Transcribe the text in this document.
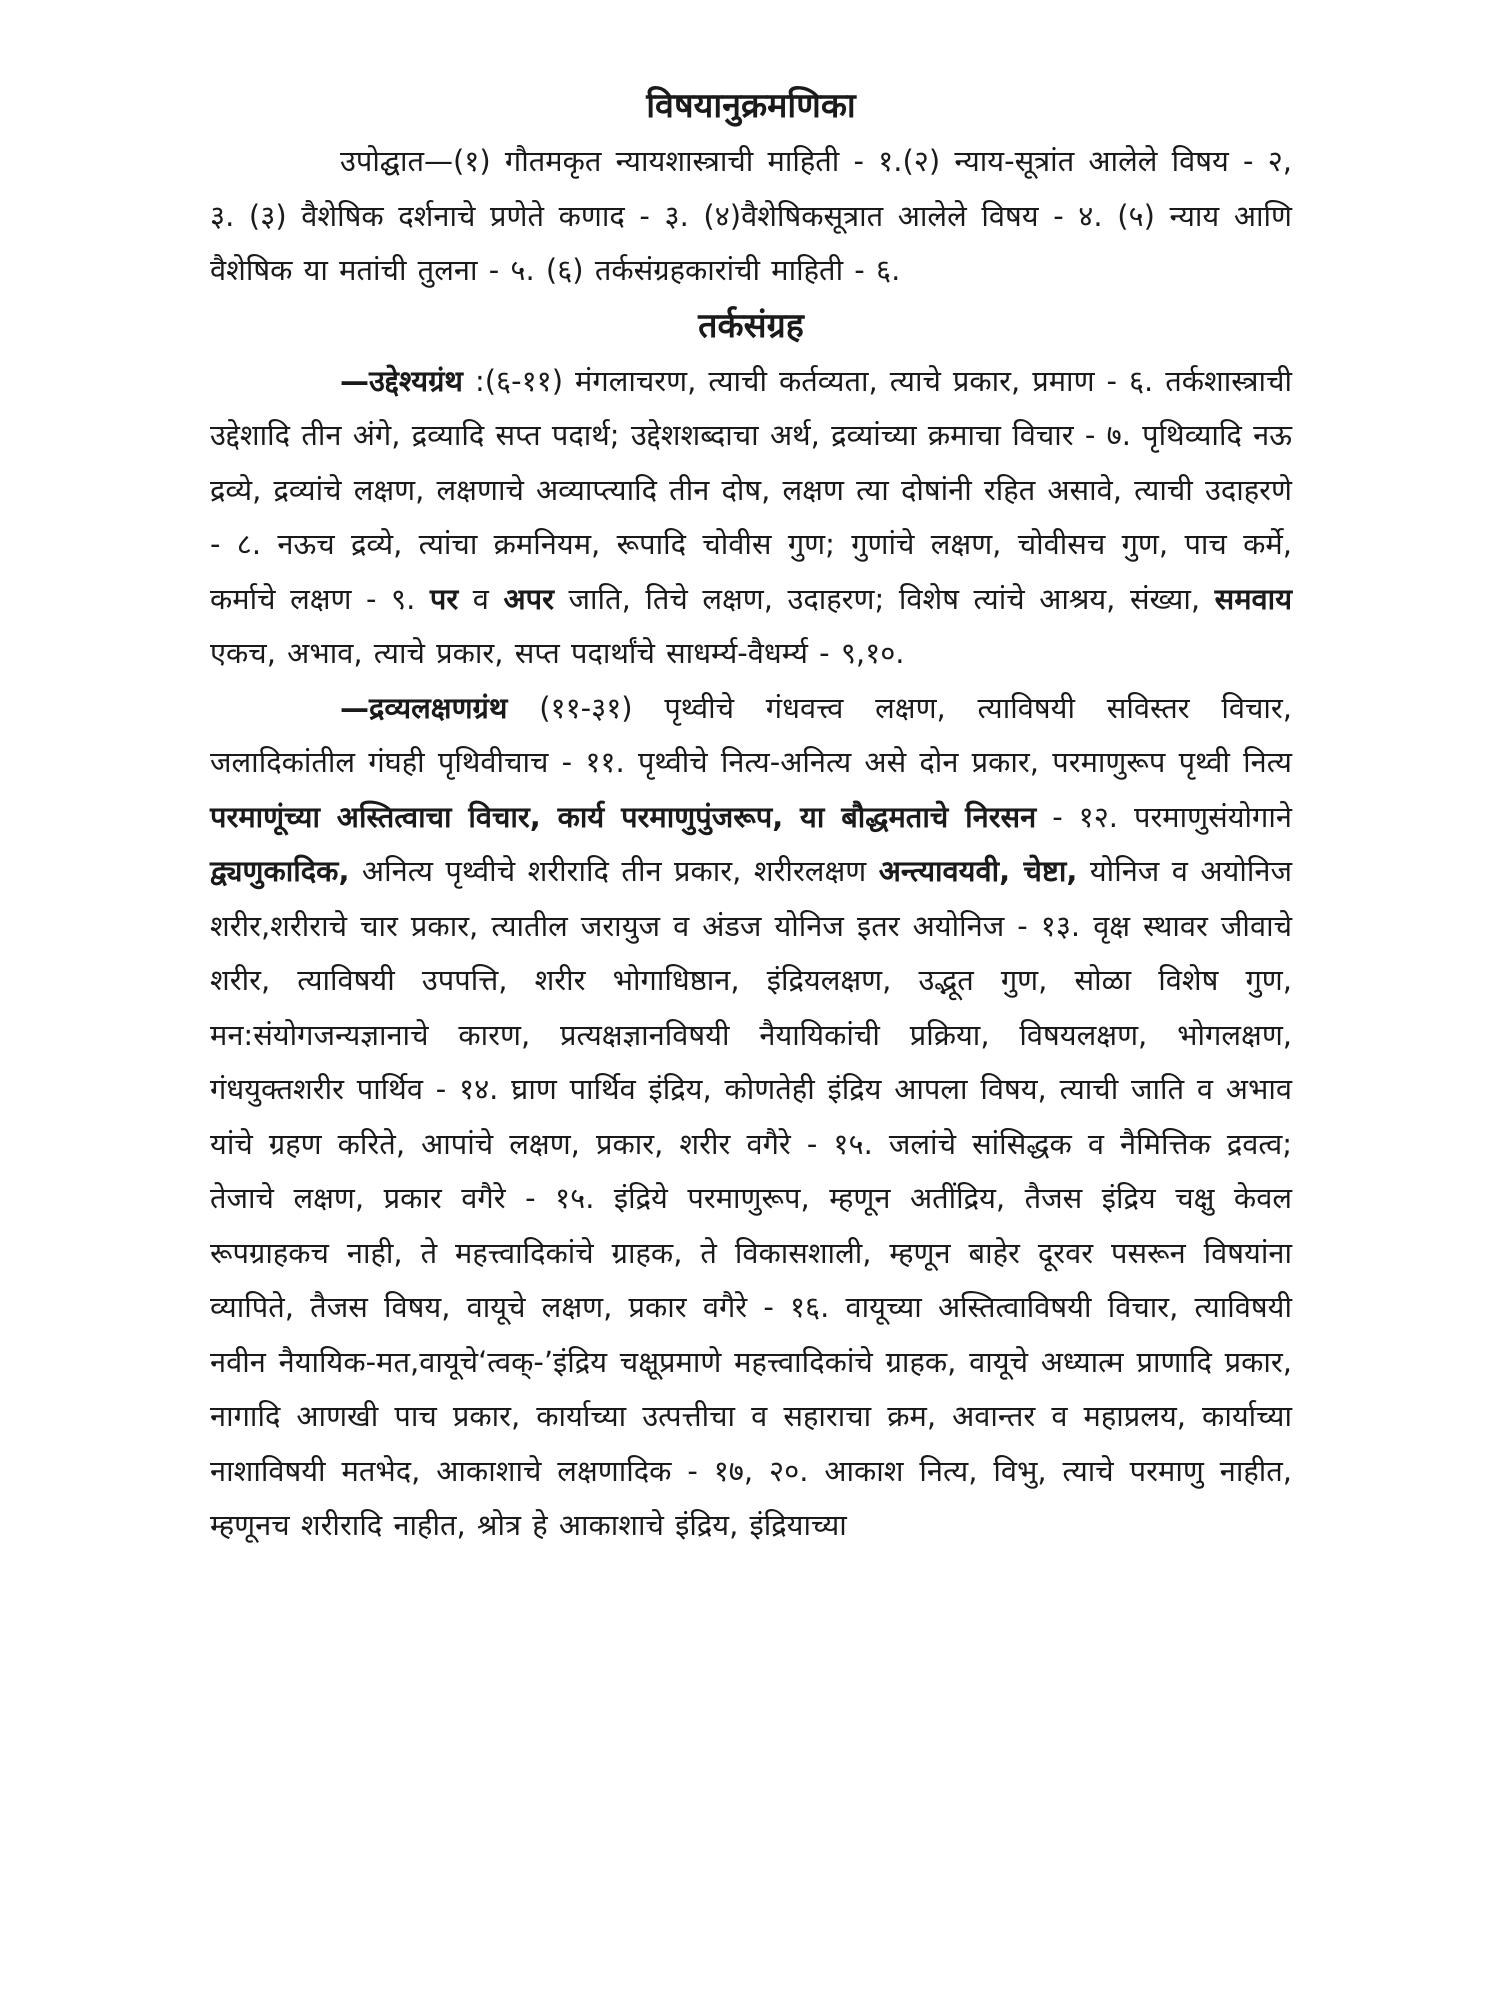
विषयानुक्रमणिका

उपोद्घात—(१) गौतमकृत न्यायशास्त्राची माहिती - १.(२) न्याय-सूत्रांत आलेले विषय - २, ३. (३) वैशेषिक दर्शनाचे प्रणेते कणाद - ३. (४)वैशेषिकसूत्रात आलेले विषय - ४. (५) न्याय आणि वैशेषिक या मतांची तुलना - ५. (६) तर्कसंग्रहकारांची माहिती - ६.

तर्कसंग्रह

—उद्देश्यग्रंथ :(६-११) मंगलाचरण, त्याची कर्तव्यता, त्याचे प्रकार, प्रमाण - ६. तर्कशास्त्राची उद्देशादि तीन अंगे, द्रव्यादि सप्त पदार्थ; उद्देशशब्दाचा अर्थ, द्रव्यांच्या क्रमाचा विचार - ७. पृथिव्यादि नऊ द्रव्ये, द्रव्यांचे लक्षण, लक्षणाचे अव्याप्त्यादि तीन दोष, लक्षण त्या दोषांनी रहित असावे, त्याची उदाहरणे - ८. नऊच द्रव्ये, त्यांचा क्रमनियम, रूपादि चोवीस गुण; गुणांचे लक्षण, चोवीसच गुण, पाच कर्मे, कर्माचे लक्षण - ९. पर व अपर जाति, तिचे लक्षण, उदाहरण; विशेष त्यांचे आश्रय, संख्या, समवाय एकच, अभाव, त्याचे प्रकार, सप्त पदार्थांचे साधर्म्य-वैधर्म्य - ९,१०.

—द्रव्यलक्षणग्रंथ (११-३१) पृथ्वीचे गंधवत्त्व लक्षण, त्याविषयी सविस्तर विचार, जलादिकांतील गंघही पृथिवीचाच - ११. पृथ्वीचे नित्य-अनित्य असे दोन प्रकार, परमाणुरूप पृथ्वी नित्य परमाणूंच्या अस्तित्वाचा विचार, कार्य परमाणुपुंजरूप, या बौद्धमताचे निरसन - १२. परमाणुसंयोगाने द्व्यणुकादिक, अनित्य पृथ्वीचे शरीरादि तीन प्रकार, शरीरलक्षण अन्त्यावयवी, चेष्टा, योनिज व अयोनिज शरीर,शरीराचे चार प्रकार, त्यातील जरायुज व अंडज योनिज इतर अयोनिज - १३. वृक्ष स्थावर जीवाचे शरीर, त्याविषयी उपपत्ति, शरीर भोगाधिष्ठान, इंद्रियलक्षण, उद्भूत गुण, सोळा विशेष गुण, मन:संयोगजन्यज्ञानाचे कारण, प्रत्यक्षज्ञानविषयी नैयायिकांची प्रक्रिया, विषयलक्षण, भोगलक्षण, गंधयुक्तशरीर पार्थिव - १४. घ्राण पार्थिव इंद्रिय, कोणतेही इंद्रिय आपला विषय, त्याची जाति व अभाव यांचे ग्रहण करिते, आपांचे लक्षण, प्रकार, शरीर वगैरे - १५. जलांचे सांसिद्धक व नैमित्तिक द्रवत्व; तेजाचे लक्षण, प्रकार वगैरे - १५. इंद्रिये परमाणुरूप, म्हणून अतींद्रिय, तैजस इंद्रिय चक्षु केवल रूपग्राहकच नाही, ते महत्त्वादिकांचे ग्राहक, ते विकासशाली, म्हणून बाहेर दूरवर पसरून विषयांना व्यापिते, तैजस विषय, वायूचे लक्षण, प्रकार वगैरे - १६. वायूच्या अस्तित्वाविषयी विचार, त्याविषयी नवीन नैयायिक-मत,वायूचे‘त्वक्-’इंद्रिय चक्षूप्रमाणे महत्त्वादिकांचे ग्राहक, वायूचे अध्यात्म प्राणादि प्रकार, नागादि आणखी पाच प्रकार, कार्याच्या उत्पत्तीचा व सहाराचा क्रम, अवान्तर व महाप्रलय, कार्याच्या नाशाविषयी मतभेद, आकाशाचे लक्षणादिक - १७, २०. आकाश नित्य, विभु, त्याचे परमाणु नाहीत, म्हणूनच शरीरादि नाहीत, श्रोत्र हे आकाशाचे इंद्रिय, इंद्रियाच्या
